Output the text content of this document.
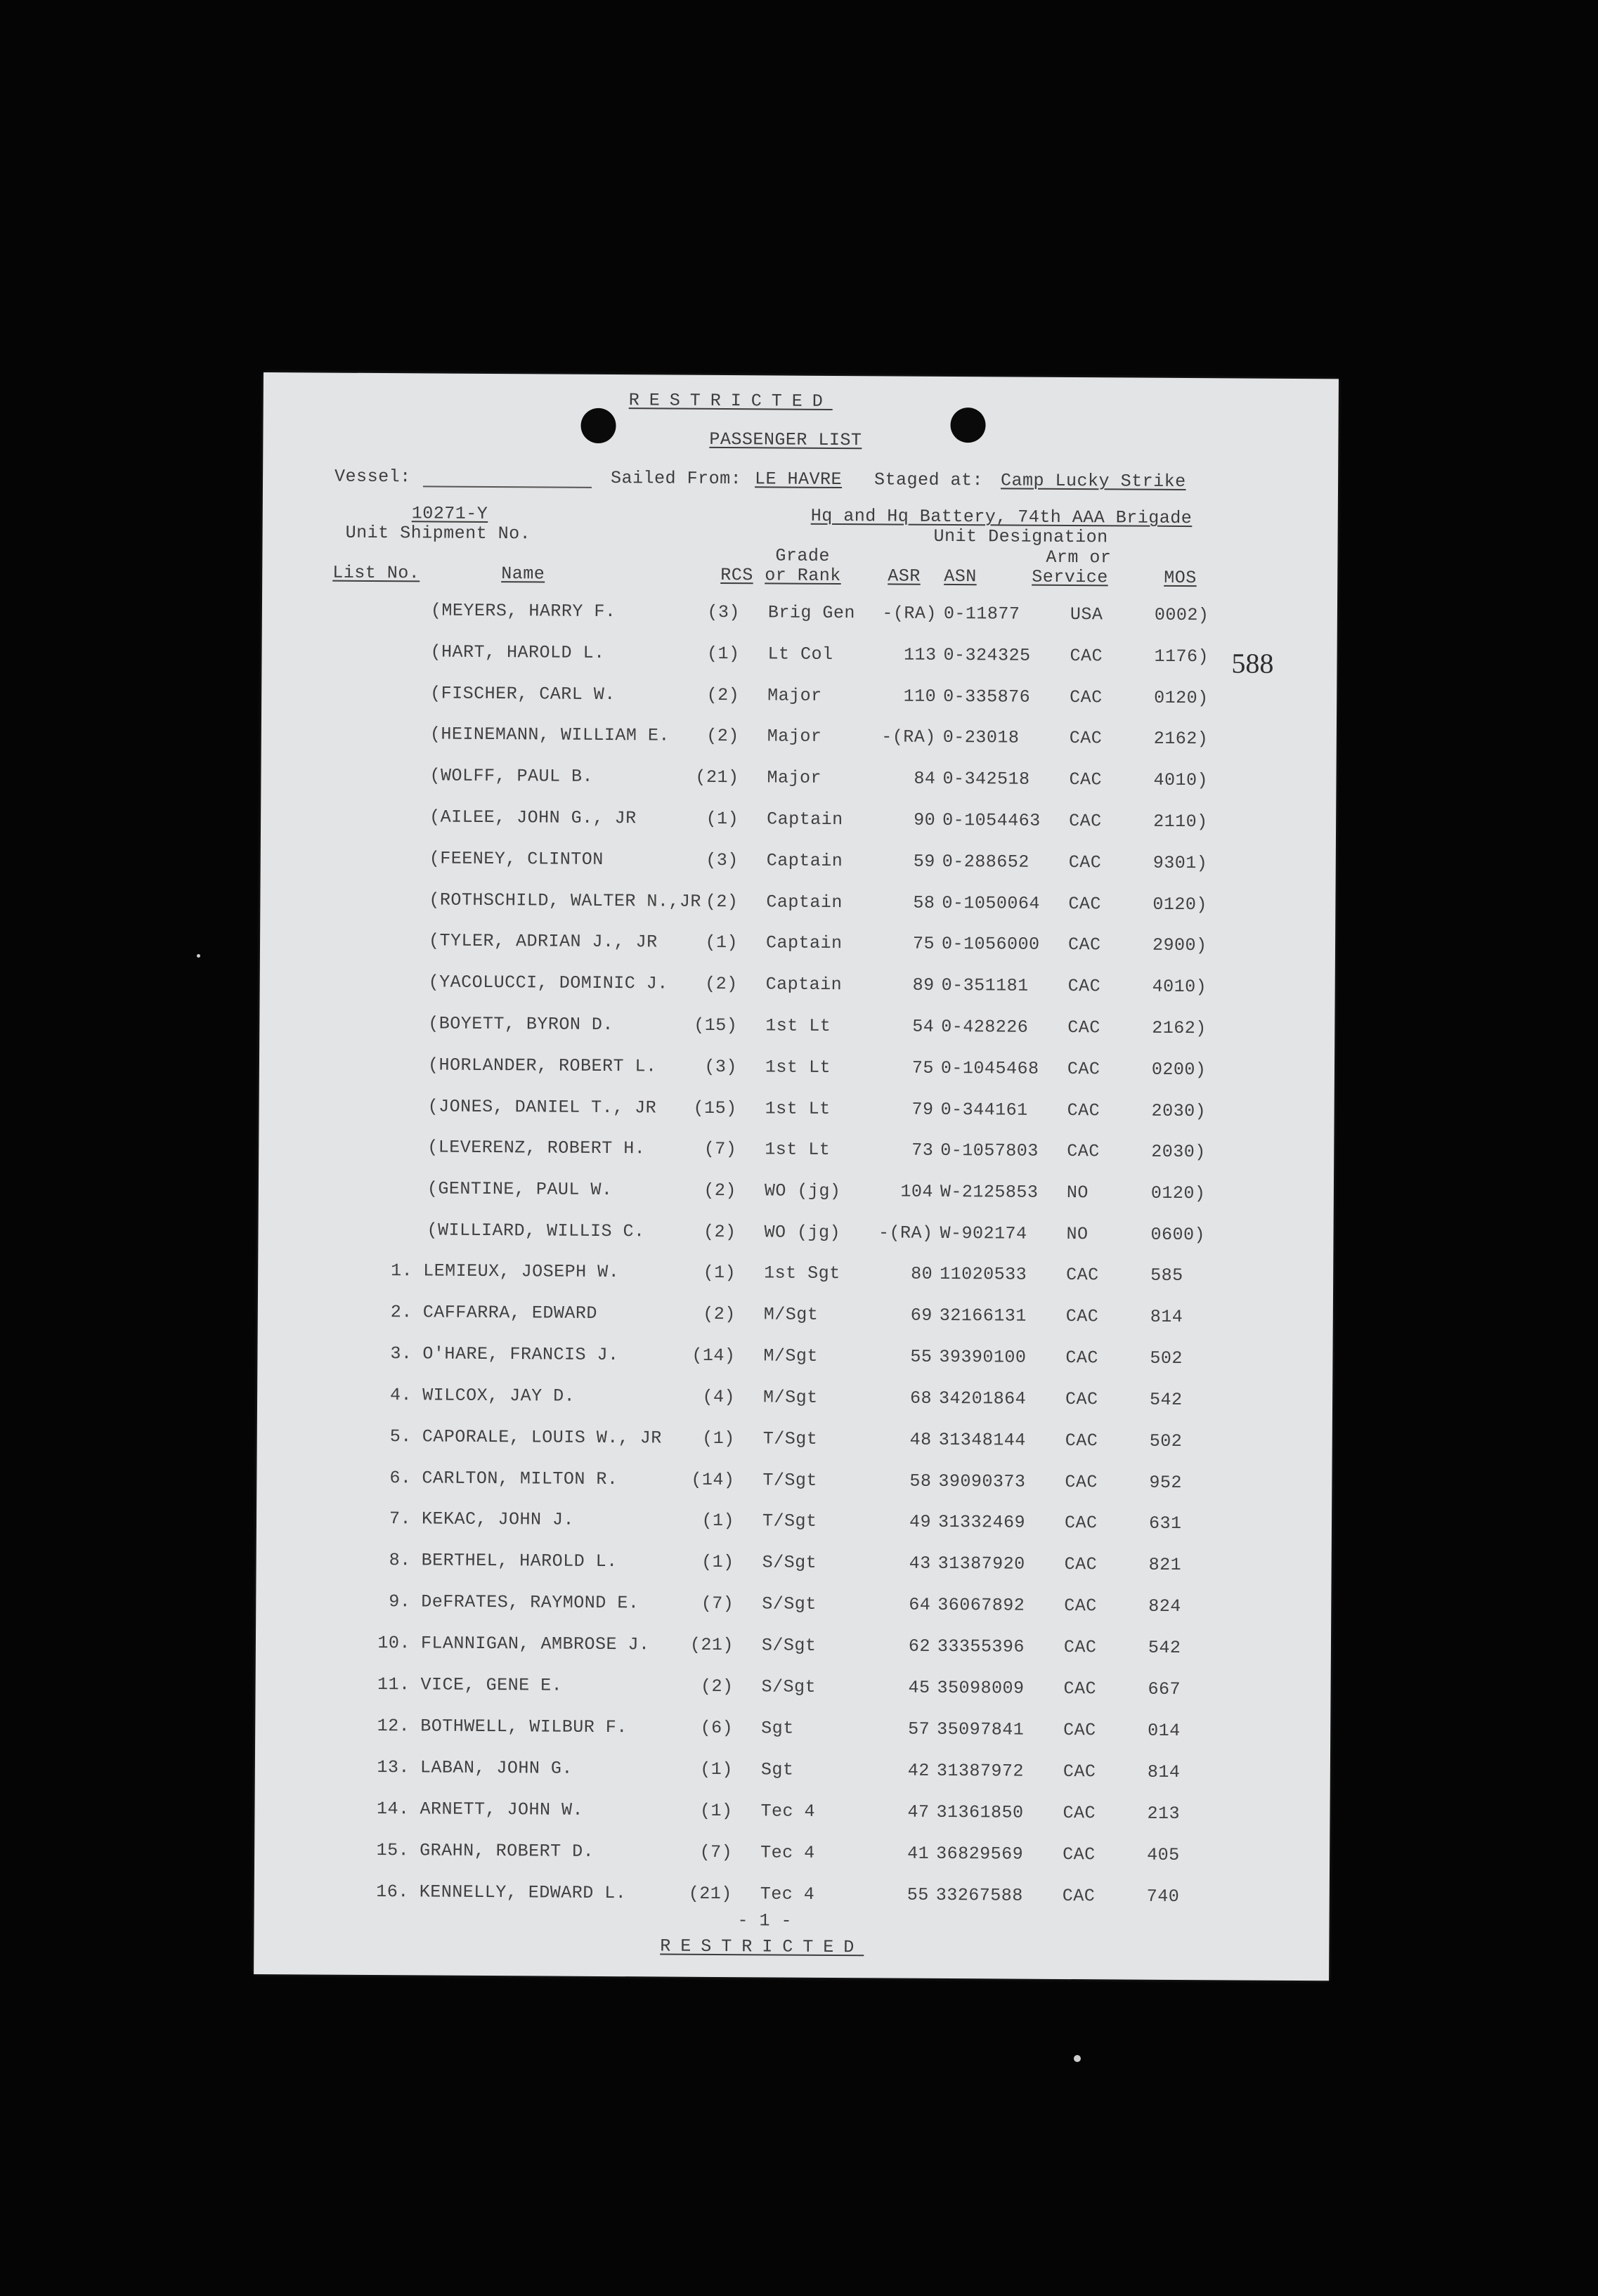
RESTRICTED
PASSENGER LIST
Vessel:	Sailed From: LE HAVRE Staged at: Camp Lucky Strike
10271-Y
Unit Shipment No.
Hq and Hq Battery, 74th AAA Brigade
Unit Designation
Grade	Arm or
List No.	Name	RCS or Rank	ASR ASN	Service	MOS
588
(MEYERS, HARRY F.	(3) Brig Gen	-(RA) 0-11877	USA	0002)
(HART, HAROLD L.	(1) Lt Col	113 0-324325	CAC	1176)
(FISCHER, CARL W.	(2) Major	110 0-335876	CAC	0120)
(HEINEMANN, WILLIAM E.	(2) Major	-(RA) 0-23018	CAC	2162)
(WOLFF, PAUL B.	(21) Major	84 0-342518	CAC	4010)
(AILEE, JOHN G., JR	(1) Captain	90 0-1054463	CAC	2110)
(FEENEY, CLINTON	(3) Captain	59 0-288652	CAC	9301)
(ROTHSCHILD, WALTER N.,JR (2) Captain	58 0-1050064	CAC	0120)
(TYLER, ADRIAN J., JR	(1) Captain	75 0-1056000	CAC	2900)
(YACOLUCCI, DOMINIC J.	(2) Captain	89 0-351181	CAC	4010)
(BOYETT, BYRON D.	(15) 1st Lt	54 0-428226	CAC	2162)
(HORLANDER, ROBERT L.	(3) 1st Lt	75 0-1045468	CAC	0200)
(JONES, DANIEL T., JR	(15) 1st Lt	79 0-344161	CAC	2030)
(LEVERENZ, ROBERT H.	(7) 1st Lt	73 0-1057803	CAC	2030)
(GENTINE, PAUL W.	(2) WO (jg)	104 W-2125853	NO	0120)
(WILLIARD, WILLIS C.	(2) WO (jg)	-(RA) W-902174	NO	0600)
1. LEMIEUX, JOSEPH W.	(1) 1st Sgt	80 11020533	CAC	585
2. CAFFARRA, EDWARD	(2) M/Sgt	69 32166131	CAC	814
3. O'HARE, FRANCIS J.	(14) M/Sgt	55 39390100	CAC	502
4. WILCOX, JAY D.	(4) M/Sgt	68 34201864	CAC	542
5. CAPORALE, LOUIS W., JR	(1) T/Sgt	48 31348144	CAC	502
6. CARLTON, MILTON R.	(14) T/Sgt	58 39090373	CAC	952
7. KEKAC, JOHN J.	(1) T/Sgt	49 31332469	CAC	631
8. BERTHEL, HAROLD L.	(1) S/Sgt	43 31387920	CAC	821
9. DeFRATES, RAYMOND E.	(7) S/Sgt	64 36067892	CAC	824
10. FLANNIGAN, AMBROSE J.	(21) S/Sgt	62 33355396	CAC	542
11. VICE, GENE E.	(2) S/Sgt	45 35098009	CAC	667
12. BOTHWELL, WILBUR F.	(6) Sgt	57 35097841	CAC	014
13. LABAN, JOHN G.	(1) Sgt	42 31387972	CAC	814
14. ARNETT, JOHN W.	(1) Tec 4	47 31361850	CAC	213
15. GRAHN, ROBERT D.	(7) Tec 4	41 36829569	CAC	405
16. KENNELLY, EDWARD L.	(21) Tec 4	55 33267588	CAC	740
- 1 -
RESTRICTED
